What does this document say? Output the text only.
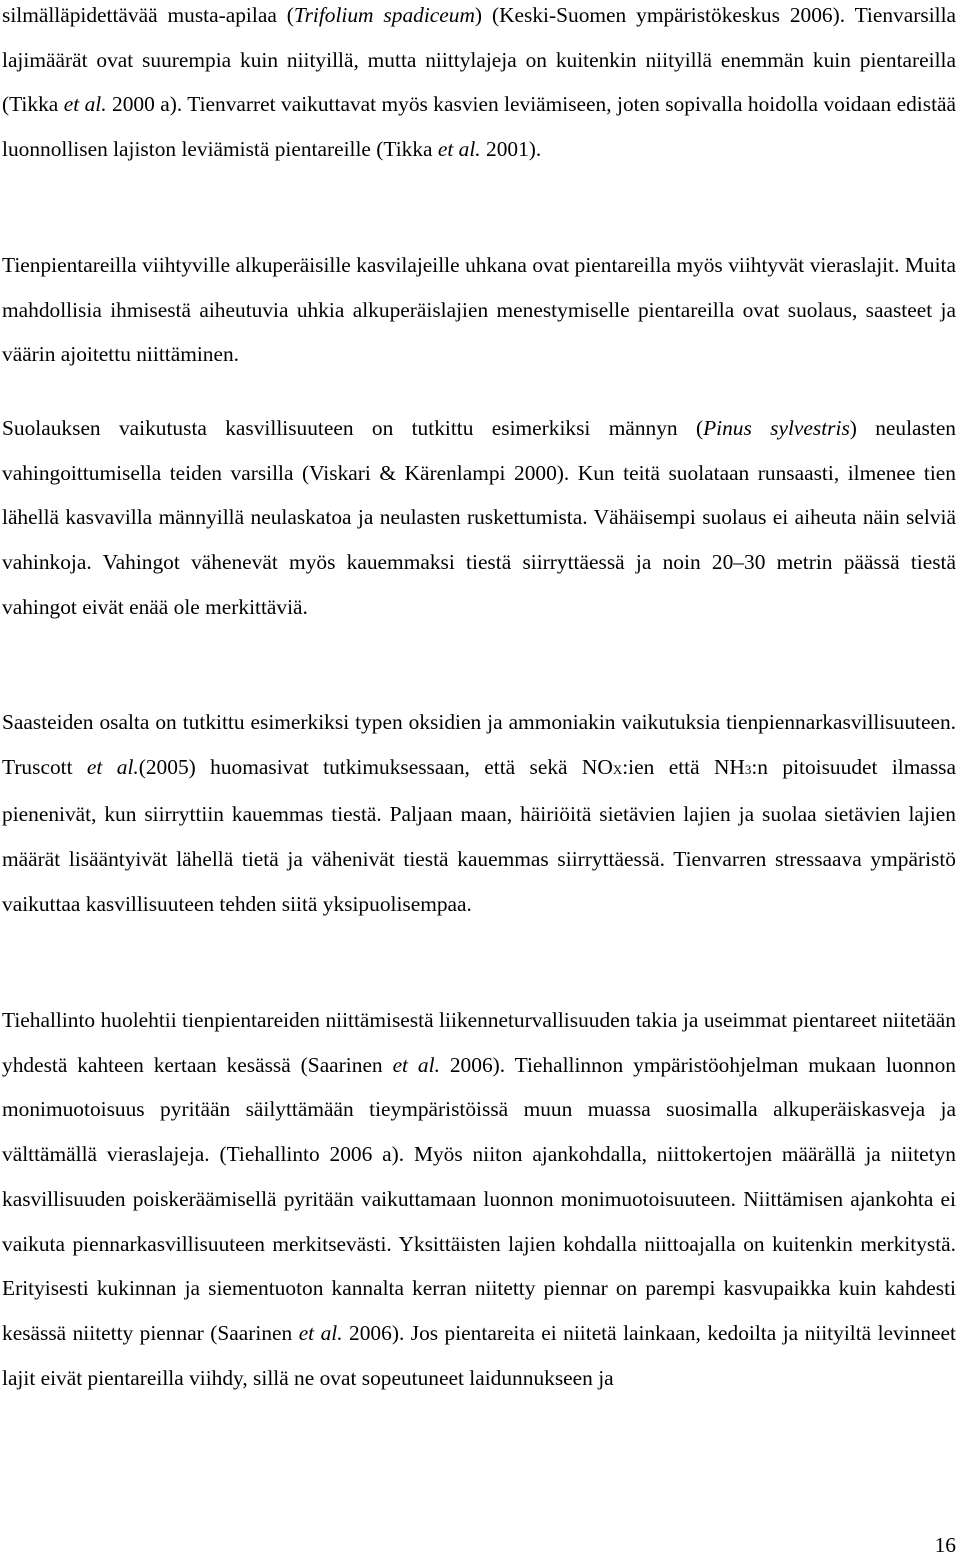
silmälläpidettävää musta-apilaa (Trifolium spadiceum) (Keski-Suomen ympäristökeskus 2006). Tienvarsilla lajimäärät ovat suurempia kuin niityillä, mutta niittylajeja on kuitenkin niityillä enemmän kuin pientareilla (Tikka et al. 2000 a). Tienvarret vaikuttavat myös kasvien leviämiseen, joten sopivalla hoidolla voidaan edistää luonnollisen lajiston leviämistä pientareille (Tikka et al. 2001).

Tienpientareilla viihtyville alkuperäisille kasvilajeille uhkana ovat pientareilla myös viihtyvät vieraslajit. Muita mahdollisia ihmisestä aiheutuvia uhkia alkuperäislajien menestymiselle pientareilla ovat suolaus, saasteet ja väärin ajoitettu niittäminen.

Suolauksen vaikutusta kasvillisuuteen on tutkittu esimerkiksi männyn (Pinus sylvestris) neulasten vahingoittumisella teiden varsilla (Viskari & Kärenlampi 2000). Kun teitä suolataan runsaasti, ilmenee tien lähellä kasvavilla männyillä neulaskatoa ja neulasten ruskettumista. Vähäisempi suolaus ei aiheuta näin selviä vahinkoja. Vahingot vähenevät myös kauemmaksi tiestä siirryttäessä ja noin 20–30 metrin päässä tiestä vahingot eivät enää ole merkittäviä.

Saasteiden osalta on tutkittu esimerkiksi typen oksidien ja ammoniakin vaikutuksia tienpiennarkasvillisuuteen. Truscott et al.(2005) huomasivat tutkimuksessaan, että sekä NOX:ien että NH3:n pitoisuudet ilmassa pienenivät, kun siirryttiin kauemmas tiestä. Paljaan maan, häiriöitä sietävien lajien ja suolaa sietävien lajien määrät lisääntyivät lähellä tietä ja vähenivät tiestä kauemmas siirryttäessä. Tienvarren stressaava ympäristö vaikuttaa kasvillisuuteen tehden siitä yksipuolisempaa.

Tiehallinto huolehtii tienpientareiden niittämisestä liikenneturvallisuuden takia ja useimmat pientareet niitetään yhdestä kahteen kertaan kesässä (Saarinen et al. 2006). Tiehallinnon ympäristöohjelman mukaan luonnon monimuotoisuus pyritään säilyttämään tieympäristöissä muun muassa suosimalla alkuperäiskasveja ja välttämällä vieraslajeja. (Tiehallinto 2006 a). Myös niiton ajankohdalla, niittokertojen määrällä ja niitetyn kasvillisuuden poiskeräämisellä pyritään vaikuttamaan luonnon monimuotoisuuteen. Niittämisen ajankohta ei vaikuta piennarkasvillisuuteen merkitsevästi. Yksittäisten lajien kohdalla niittoajalla on kuitenkin merkitystä. Erityisesti kukinnan ja siementuoton kannalta kerran niitetty piennar on parempi kasvupaikka kuin kahdesti kesässä niitetty piennar (Saarinen et al. 2006). Jos pientareita ei niitetä lainkaan, kedoilta ja niityiltä levinneet lajit eivät pientareilla viihdy, sillä ne ovat sopeutuneet laidunnukseen ja

16
